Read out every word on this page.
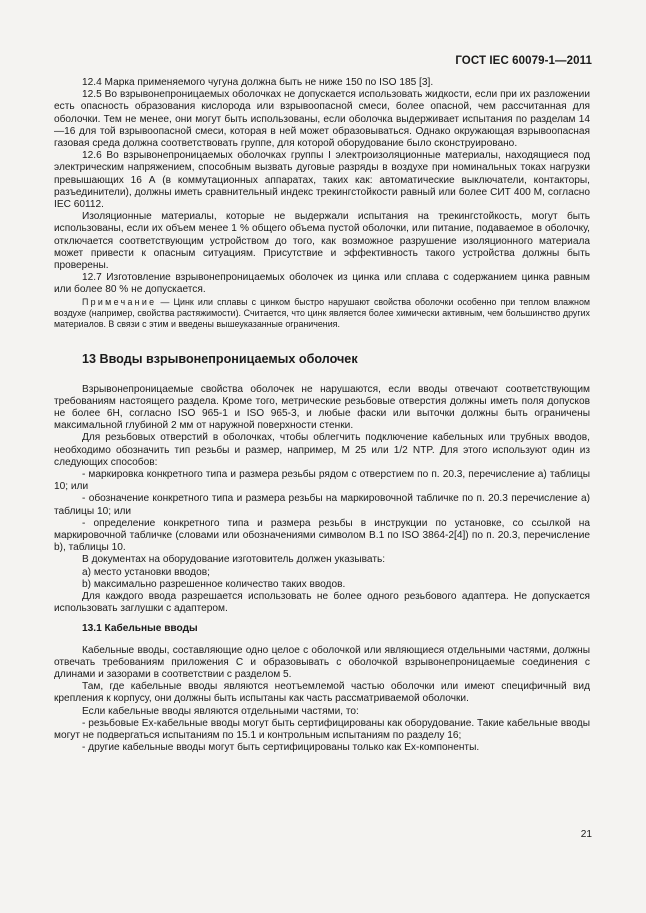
ГОСТ IEC 60079-1—2011

12.4 Марка применяемого чугуна должна быть не ниже 150 по ISO 185 [3].

12.5 Во взрывонепроницаемых оболочках не допускается использовать жидкости, если при их разложении есть опасность образования кислорода или взрывоопасной смеси, более опасной, чем рассчитанная для оболочки. Тем не менее, они могут быть использованы, если оболочка выдерживает испытания по разделам 14—16 для той взрывоопасной смеси, которая в ней может образовываться. Однако окружающая взрывоопасная газовая среда должна соответствовать группе, для которой оборудование было сконструировано.

12.6 Во взрывонепроницаемых оболочках группы I электроизоляционные материалы, находящиеся под электрическим напряжением, способным вызвать дуговые разряды в воздухе при номинальных токах нагрузки превышающих 16 А (в коммутационных аппаратах, таких как: автоматические выключатели, контакторы, разъединители), должны иметь сравнительный индекс трекингстойкости равный или более СИТ 400 М, согласно IEC 60112.

Изоляционные материалы, которые не выдержали испытания на трекингстойкость, могут быть использованы, если их объем менее 1 % общего объема пустой оболочки, или питание, подаваемое в оболочку, отключается соответствующим устройством до того, как возможное разрушение изоляционного материала может привести к опасным ситуациям. Присутствие и эффективность такого устройства должны быть проверены.

12.7 Изготовление взрывонепроницаемых оболочек из цинка или сплава с содержанием цинка равным или более 80 % не допускается.

Примечание — Цинк или сплавы с цинком быстро нарушают свойства оболочки особенно при теплом влажном воздухе (например, свойства растяжимости). Считается, что цинк является более химически активным, чем большинство других материалов. В связи с этим и введены вышеуказанные ограничения.

13 Вводы взрывонепроницаемых оболочек

Взрывонепроницаемые свойства оболочек не нарушаются, если вводы отвечают соответствующим требованиям настоящего раздела. Кроме того, метрические резьбовые отверстия должны иметь поля допусков не более 6H, согласно ISO 965-1 и ISO 965-3, и любые фаски или выточки должны быть ограничены максимальной глубиной 2 мм от наружной поверхности стенки.

Для резьбовых отверстий в оболочках, чтобы облегчить подключение кабельных или трубных вводов, необходимо обозначить тип резьбы и размер, например, М 25 или 1/2 NTP. Для этого используют один из следующих способов:

- маркировка конкретного типа и размера резьбы рядом с отверстием по п. 20.3, перечисление а) таблицы 10; или

- обозначение конкретного типа и размера резьбы на маркировочной табличке по п. 20.3 перечисление а) таблицы 10; или

- определение конкретного типа и размера резьбы в инструкции по установке, со ссылкой на маркировочной табличке (словами или обозначениями символом В.1 по ISO 3864-2[4]) по п. 20.3, перечисление b), таблицы 10.

В документах на оборудование изготовитель должен указывать:

а) место установки вводов;

b) максимально разрешенное количество таких вводов.

Для каждого ввода разрешается использовать не более одного резьбового адаптера. Не допускается использовать заглушки с адаптером.

13.1 Кабельные вводы

Кабельные вводы, составляющие одно целое с оболочкой или являющиеся отдельными частями, должны отвечать требованиям приложения С и образовывать с оболочкой взрывонепроницаемые соединения с длинами и зазорами в соответствии с разделом 5.

Там, где кабельные вводы являются неотъемлемой частью оболочки или имеют специфичный вид крепления к корпусу, они должны быть испытаны как часть рассматриваемой оболочки.

Если кабельные вводы являются отдельными частями, то:

- резьбовые Ех-кабельные вводы могут быть сертифицированы как оборудование. Такие кабельные вводы могут не подвергаться испытаниям по 15.1 и контрольным испытаниям по разделу 16;

- другие кабельные вводы могут быть сертифицированы только как Ех-компоненты.

21
